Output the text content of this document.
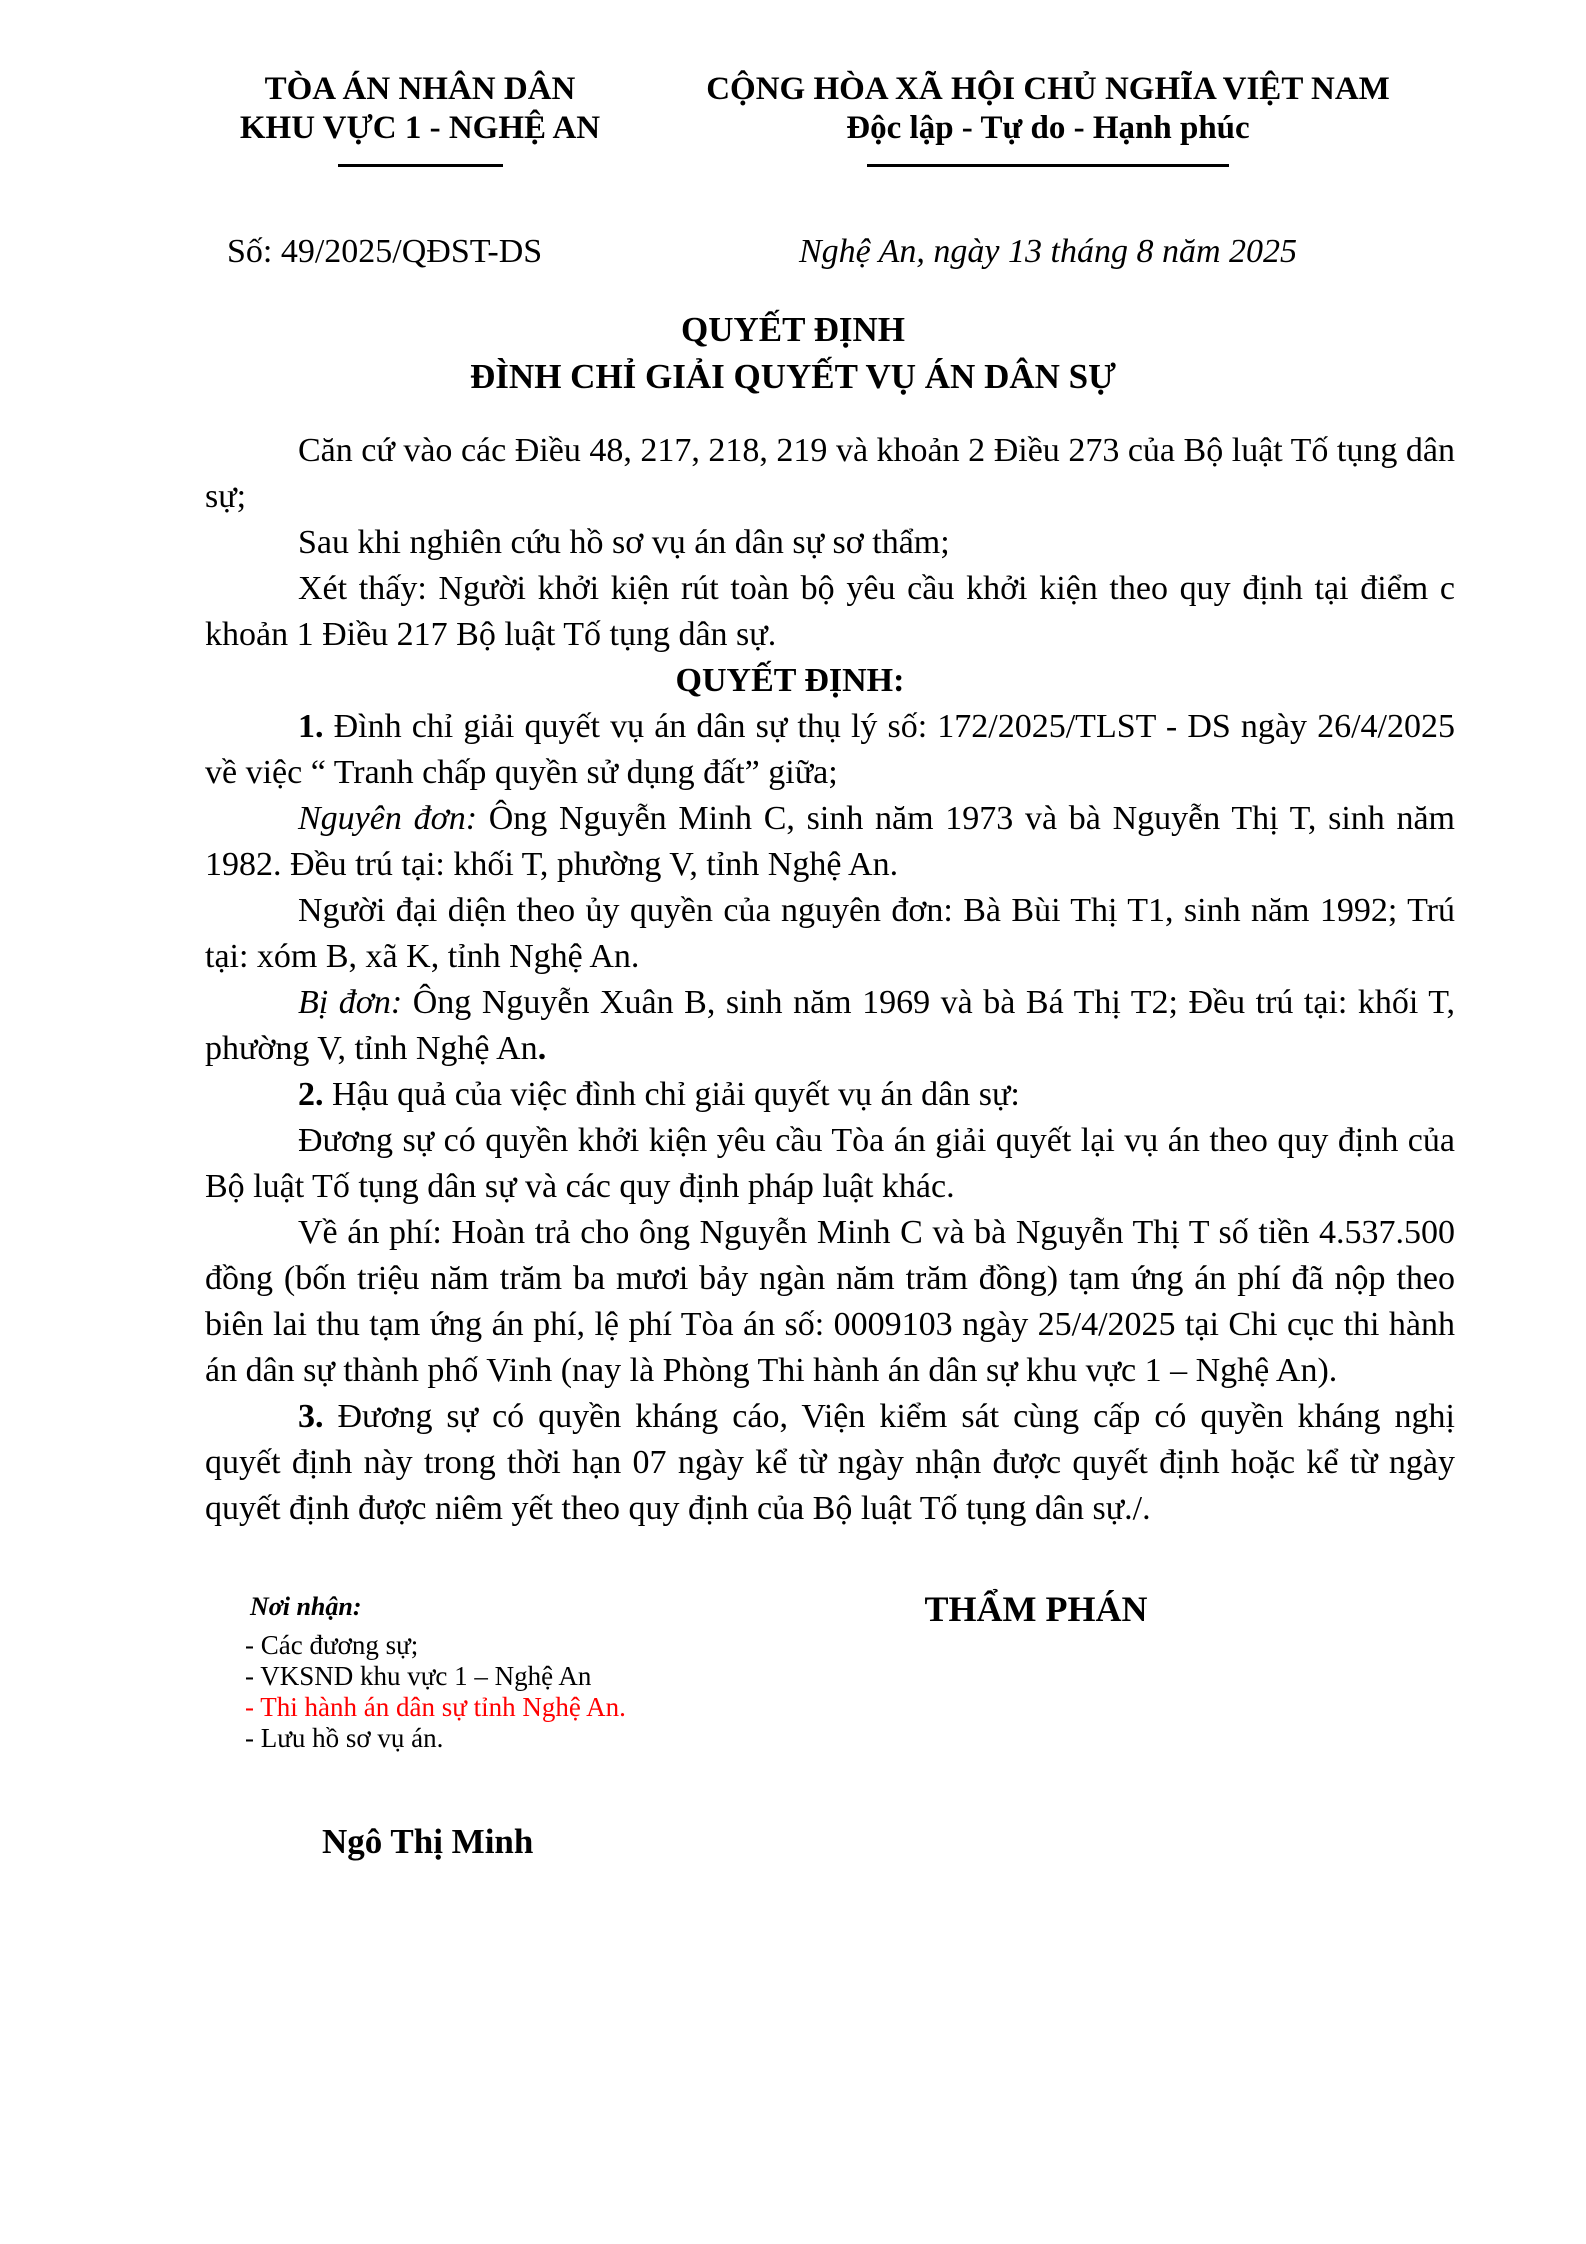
TÒA ÁN NHÂN DÂN
KHU VỰC 1 - NGHỆ AN
CỘNG HÒA XÃ HỘI CHỦ NGHĨA VIỆT NAM
Độc lập - Tự do - Hạnh phúc
Số: 49/2025/QĐST-DS	Nghệ An, ngày 13 tháng 8 năm 2025
QUYẾT ĐỊNH
ĐÌNH CHỈ GIẢI QUYẾT VỤ ÁN DÂN SỰ

Căn cứ vào các Điều 48, 217, 218, 219 và khoản 2 Điều 273 của Bộ luật Tố tụng dân sự;

Sau khi nghiên cứu hồ sơ vụ án dân sự sơ thẩm;

Xét thấy: Người khởi kiện rút toàn bộ yêu cầu khởi kiện theo quy định tại điểm c khoản 1 Điều 217 Bộ luật Tố tụng dân sự.

QUYẾT ĐỊNH:

1. Đình chỉ giải quyết vụ án dân sự thụ lý số: 172/2025/TLST - DS ngày 26/4/2025 về việc “ Tranh chấp quyền sử dụng đất” giữa;

Nguyên đơn: Ông Nguyễn Minh C, sinh năm 1973 và bà Nguyễn Thị T, sinh năm 1982. Đều trú tại: khối T, phường V, tỉnh Nghệ An.

Người đại diện theo ủy quyền của nguyên đơn: Bà Bùi Thị T1, sinh năm 1992; Trú tại: xóm B, xã K, tỉnh Nghệ An.

Bị đơn: Ông Nguyễn Xuân B, sinh năm 1969 và bà Bá Thị T2; Đều trú tại: khối T, phường V, tỉnh Nghệ An.

2. Hậu quả của việc đình chỉ giải quyết vụ án dân sự:

Đương sự có quyền khởi kiện yêu cầu Tòa án giải quyết lại vụ án theo quy định của Bộ luật Tố tụng dân sự và các quy định pháp luật khác.

Về án phí: Hoàn trả cho ông Nguyễn Minh C và bà Nguyễn Thị T số tiền 4.537.500 đồng (bốn triệu năm trăm ba mươi bảy ngàn năm trăm đồng) tạm ứng án phí đã nộp theo biên lai thu tạm ứng án phí, lệ phí Tòa án số: 0009103 ngày 25/4/2025 tại Chi cục thi hành án dân sự thành phố Vinh (nay là Phòng Thi hành án dân sự khu vực 1 – Nghệ An).

3. Đương sự có quyền kháng cáo, Viện kiểm sát cùng cấp có quyền kháng nghị quyết định này trong thời hạn 07 ngày kể từ ngày nhận được quyết định hoặc kể từ ngày quyết định được niêm yết theo quy định của Bộ luật Tố tụng dân sự./.

THẨM PHÁN
Nơi nhận:
- Các đương sự;
- VKSND khu vực 1 – Nghệ An
- Thi hành án dân sự tỉnh Nghệ An.
- Lưu hồ sơ vụ án.
Ngô Thị Minh
